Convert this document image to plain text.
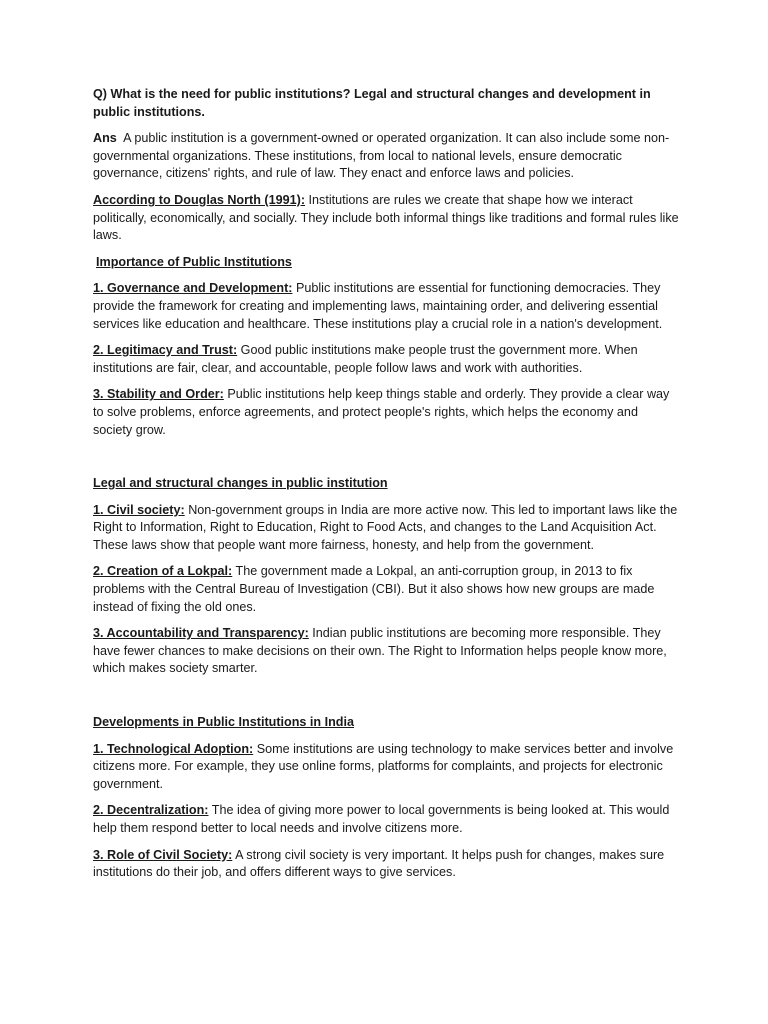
Q) What is the need for public institutions? Legal and structural changes and development in public institutions.

Ans A public institution is a government-owned or operated organization. It can also include some non-governmental organizations. These institutions, from local to national levels, ensure democratic governance, citizens' rights, and rule of law. They enact and enforce laws and policies.

According to Douglas North (1991): Institutions are rules we create that shape how we interact politically, economically, and socially. They include both informal things like traditions and formal rules like laws.

Importance of Public Institutions

1. Governance and Development: Public institutions are essential for functioning democracies. They provide the framework for creating and implementing laws, maintaining order, and delivering essential services like education and healthcare. These institutions play a crucial role in a nation's development.

2. Legitimacy and Trust: Good public institutions make people trust the government more. When institutions are fair, clear, and accountable, people follow laws and work with authorities.

3. Stability and Order: Public institutions help keep things stable and orderly. They provide a clear way to solve problems, enforce agreements, and protect people's rights, which helps the economy and society grow.

Legal and structural changes in public institution

1. Civil society: Non-government groups in India are more active now. This led to important laws like the Right to Information, Right to Education, Right to Food Acts, and changes to the Land Acquisition Act. These laws show that people want more fairness, honesty, and help from the government.

2. Creation of a Lokpal: The government made a Lokpal, an anti-corruption group, in 2013 to fix problems with the Central Bureau of Investigation (CBI). But it also shows how new groups are made instead of fixing the old ones.

3. Accountability and Transparency: Indian public institutions are becoming more responsible. They have fewer chances to make decisions on their own. The Right to Information helps people know more, which makes society smarter.

Developments in Public Institutions in India

1. Technological Adoption: Some institutions are using technology to make services better and involve citizens more. For example, they use online forms, platforms for complaints, and projects for electronic government.

2. Decentralization: The idea of giving more power to local governments is being looked at. This would help them respond better to local needs and involve citizens more.

3. Role of Civil Society: A strong civil society is very important. It helps push for changes, makes sure institutions do their job, and offers different ways to give services.
